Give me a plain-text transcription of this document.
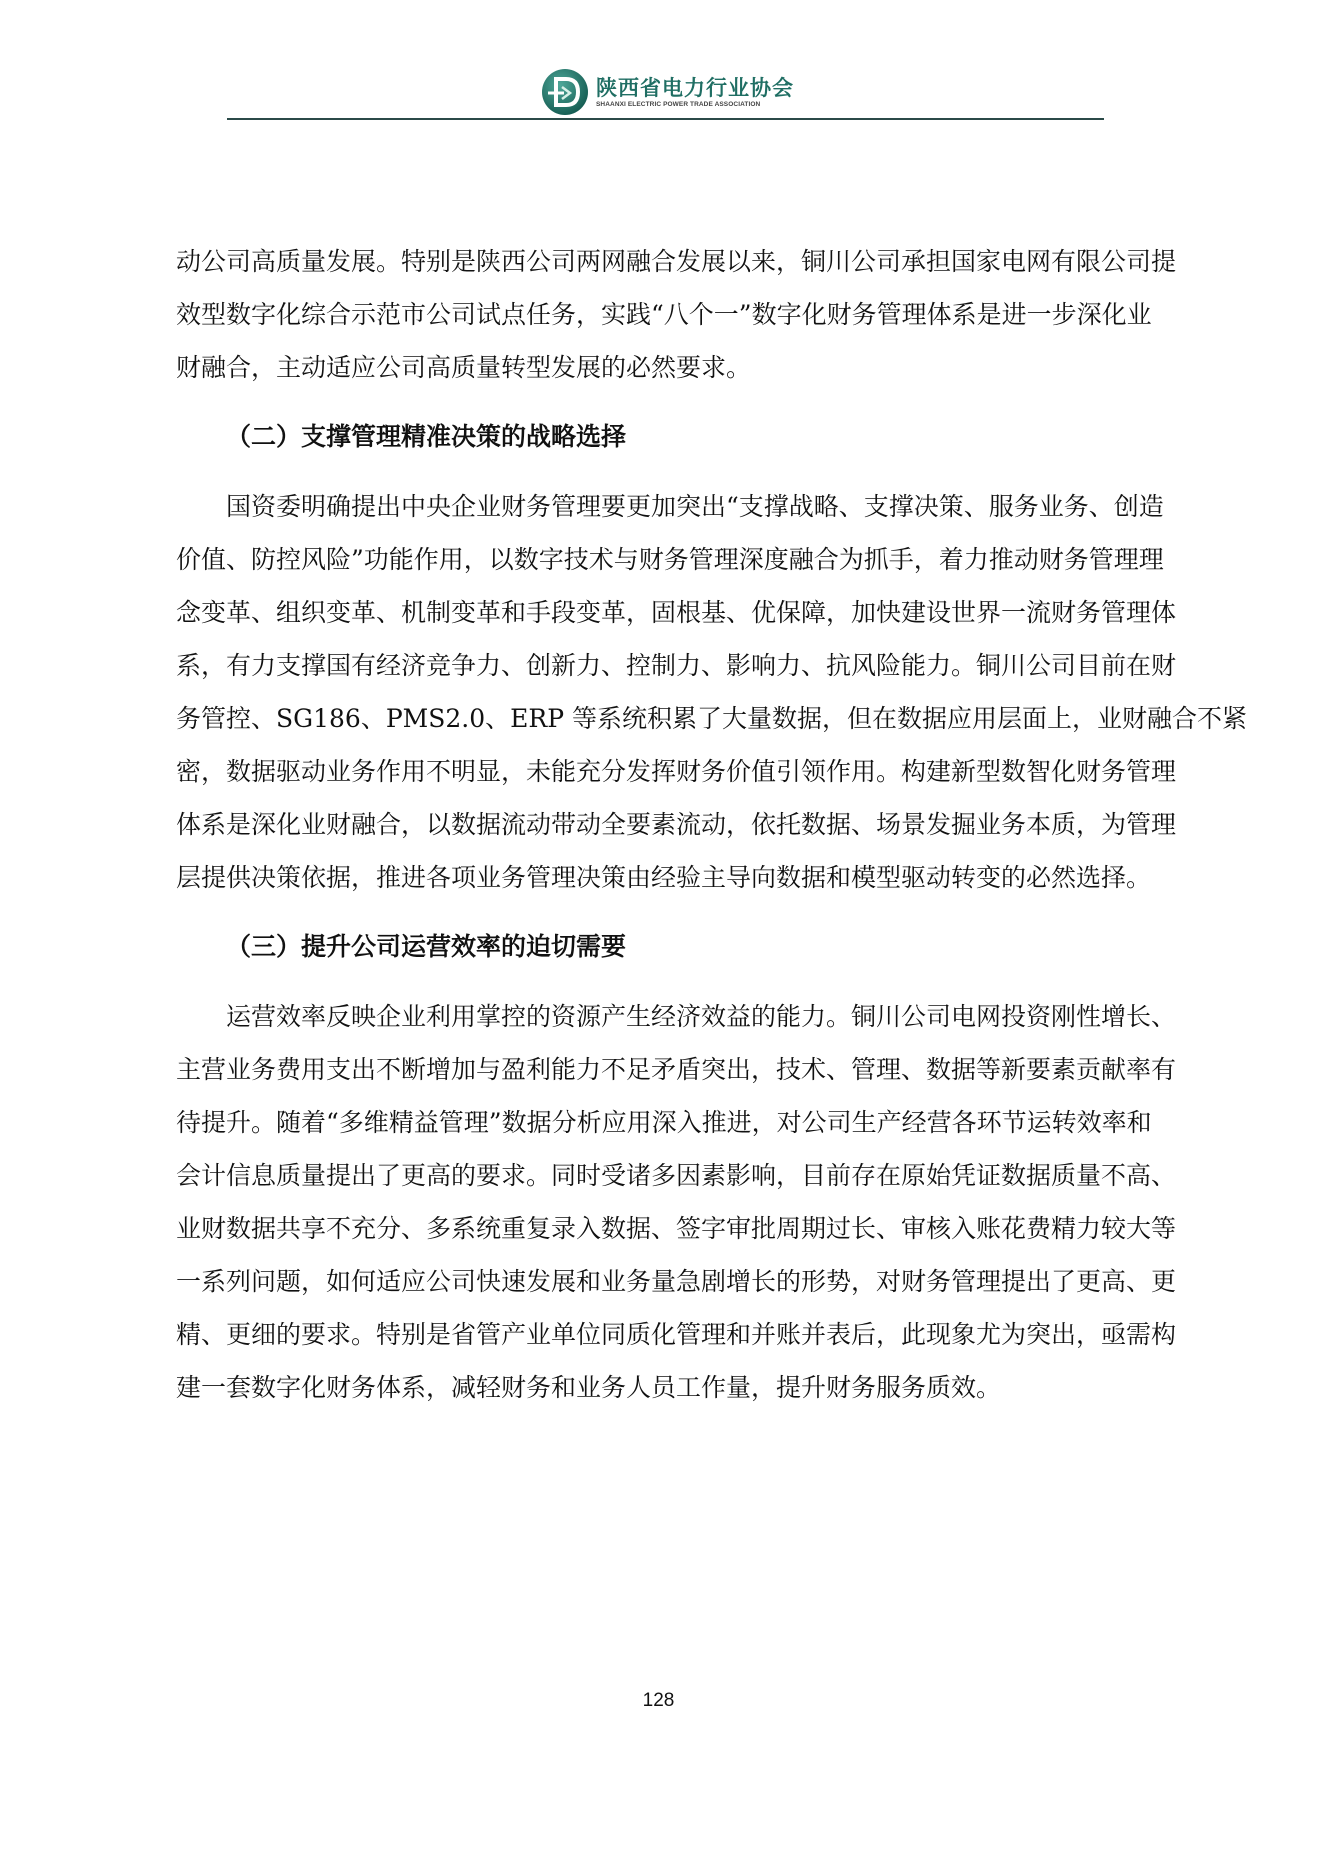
陕西省电力行业协会
SHAANXI ELECTRIC POWER TRADE ASSOCIATION
动公司高质量发展。特别是陕西公司两网融合发展以来，铜川公司承担国家电网有限公司提
效型数字化综合示范市公司试点任务，实践“八个一”数字化财务管理体系是进一步深化业
财融合，主动适应公司高质量转型发展的必然要求。
（二）支撑管理精准决策的战略选择
国资委明确提出中央企业财务管理要更加突出“支撑战略、支撑决策、服务业务、创造
价值、防控风险”功能作用，以数字技术与财务管理深度融合为抓手，着力推动财务管理理
念变革、组织变革、机制变革和手段变革，固根基、优保障，加快建设世界一流财务管理体
系，有力支撑国有经济竞争力、创新力、控制力、影响力、抗风险能力。铜川公司目前在财
务管控、SG186、PMS2.0、ERP 等系统积累了大量数据，但在数据应用层面上，业财融合不紧
密，数据驱动业务作用不明显，未能充分发挥财务价值引领作用。构建新型数智化财务管理
体系是深化业财融合，以数据流动带动全要素流动，依托数据、场景发掘业务本质，为管理
层提供决策依据，推进各项业务管理决策由经验主导向数据和模型驱动转变的必然选择。
（三）提升公司运营效率的迫切需要
运营效率反映企业利用掌控的资源产生经济效益的能力。铜川公司电网投资刚性增长、
主营业务费用支出不断增加与盈利能力不足矛盾突出，技术、管理、数据等新要素贡献率有
待提升。随着“多维精益管理”数据分析应用深入推进，对公司生产经营各环节运转效率和
会计信息质量提出了更高的要求。同时受诸多因素影响，目前存在原始凭证数据质量不高、
业财数据共享不充分、多系统重复录入数据、签字审批周期过长、审核入账花费精力较大等
一系列问题，如何适应公司快速发展和业务量急剧增长的形势，对财务管理提出了更高、更
精、更细的要求。特别是省管产业单位同质化管理和并账并表后，此现象尤为突出，亟需构
建一套数字化财务体系，减轻财务和业务人员工作量，提升财务服务质效。
128
